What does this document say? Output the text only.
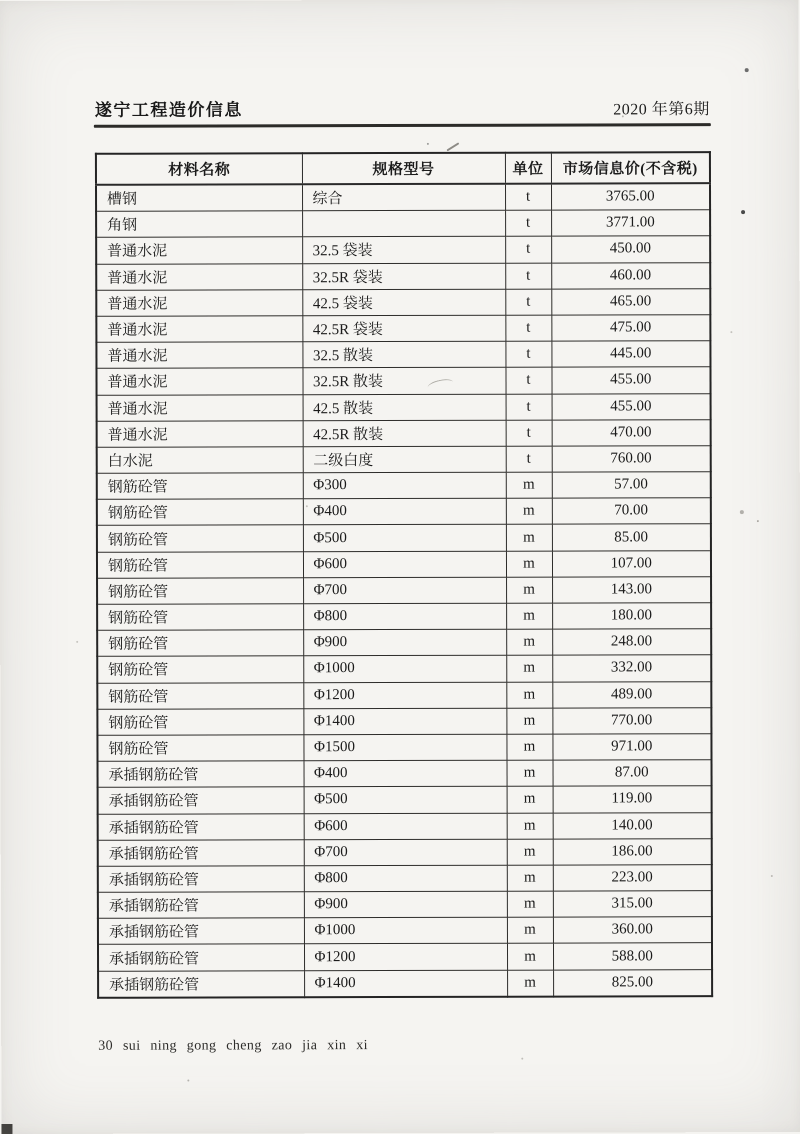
遂宁工程造价信息	2020 年第6期
材料名称	规格型号	单位	市场信息价(不含税)
槽钢	综合	t	3765.00
角钢		t	3771.00
普通水泥	32.5 袋装	t	450.00
普通水泥	32.5R 袋装	t	460.00
普通水泥	42.5 袋装	t	465.00
普通水泥	42.5R 袋装	t	475.00
普通水泥	32.5 散装	t	445.00
普通水泥	32.5R 散装	t	455.00
普通水泥	42.5 散装	t	455.00
普通水泥	42.5R 散装	t	470.00
白水泥	二级白度	t	760.00
钢筋砼管	Φ300	m	57.00
钢筋砼管	Φ400	m	70.00
钢筋砼管	Φ500	m	85.00
钢筋砼管	Φ600	m	107.00
钢筋砼管	Φ700	m	143.00
钢筋砼管	Φ800	m	180.00
钢筋砼管	Φ900	m	248.00
钢筋砼管	Φ1000	m	332.00
钢筋砼管	Φ1200	m	489.00
钢筋砼管	Φ1400	m	770.00
钢筋砼管	Φ1500	m	971.00
承插钢筋砼管	Φ400	m	87.00
承插钢筋砼管	Φ500	m	119.00
承插钢筋砼管	Φ600	m	140.00
承插钢筋砼管	Φ700	m	186.00
承插钢筋砼管	Φ800	m	223.00
承插钢筋砼管	Φ900	m	315.00
承插钢筋砼管	Φ1000	m	360.00
承插钢筋砼管	Φ1200	m	588.00
承插钢筋砼管	Φ1400	m	825.00
30 sui ning gong cheng zao jia xin xi
